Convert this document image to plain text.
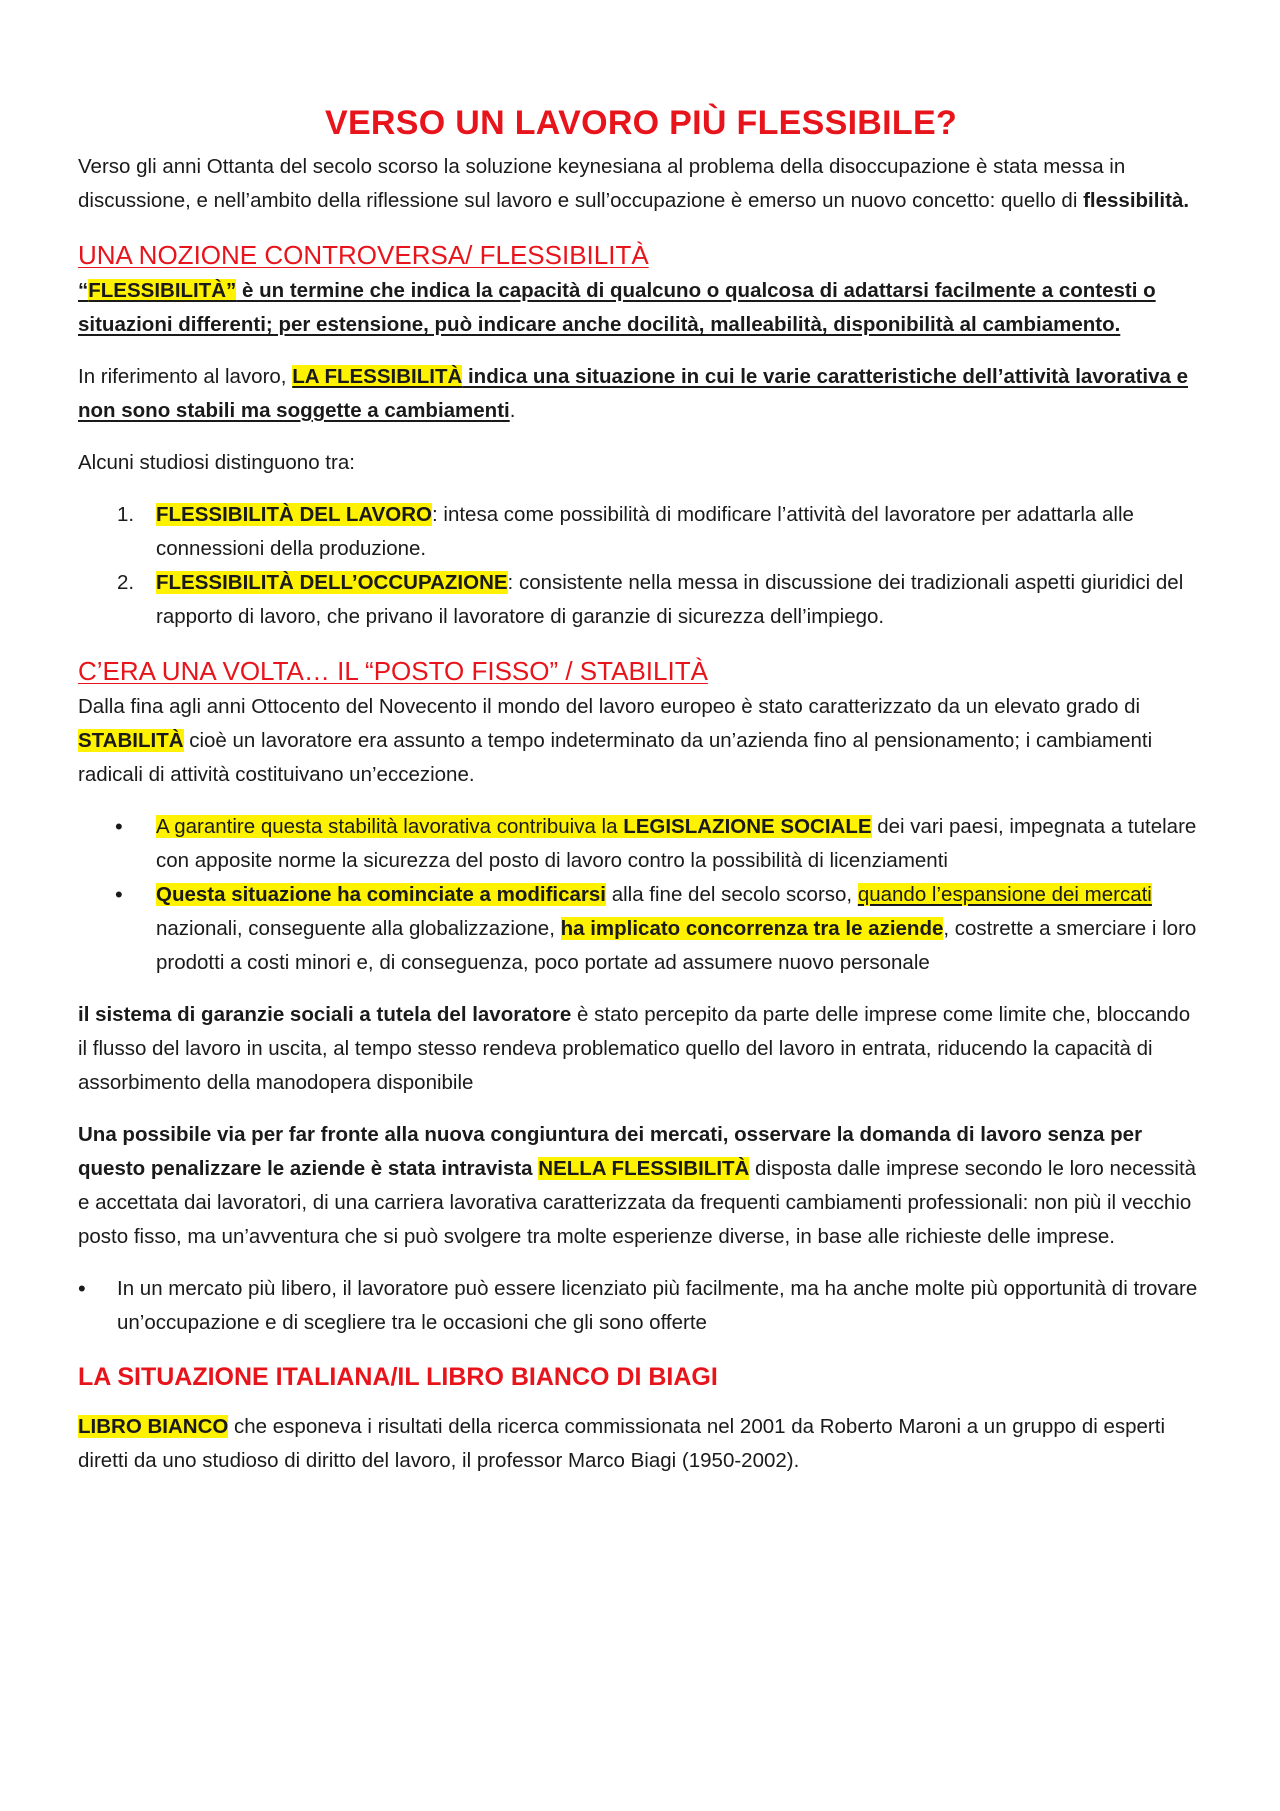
VERSO UN LAVORO PIÙ FLESSIBILE?

Verso gli anni Ottanta del secolo scorso la soluzione keynesiana al problema della disoccupazione è stata messa in discussione, e nell’ambito della riflessione sul lavoro e sull’occupazione è emerso un nuovo concetto: quello di flessibilità.

UNA NOZIONE CONTROVERSA/ FLESSIBILITÀ

“FLESSIBILITÀ” è un termine che indica la capacità di qualcuno o qualcosa di adattarsi facilmente a contesti o situazioni differenti; per estensione, può indicare anche docilità, malleabilità, disponibilità al cambiamento.

In riferimento al lavoro, LA FLESSIBILITÀ indica una situazione in cui le varie caratteristiche dell’attività lavorativa e non sono stabili ma soggette a cambiamenti.

Alcuni studiosi distinguono tra:

1. FLESSIBILITÀ DEL LAVORO: intesa come possibilità di modificare l’attività del lavoratore per adattarla alle connessioni della produzione.
2. FLESSIBILITÀ DELL’OCCUPAZIONE: consistente nella messa in discussione dei tradizionali aspetti giuridici del rapporto di lavoro, che privano il lavoratore di garanzie di sicurezza dell’impiego.
C’ERA UNA VOLTA… IL “POSTO FISSO” / STABILITÀ

Dalla fina agli anni Ottocento del Novecento il mondo del lavoro europeo è stato caratterizzato da un elevato grado di STABILITÀ cioè un lavoratore era assunto a tempo indeterminato da un’azienda fino al pensionamento; i cambiamenti radicali di attività costituivano un’eccezione.

• A garantire questa stabilità lavorativa contribuiva la LEGISLAZIONE SOCIALE dei vari paesi, impegnata a tutelare con apposite norme la sicurezza del posto di lavoro contro la possibilità di licenziamenti
• Questa situazione ha cominciate a modificarsi alla fine del secolo scorso, quando l’espansione dei mercati nazionali, conseguente alla globalizzazione, ha implicato concorrenza tra le aziende, costrette a smerciare i loro prodotti a costi minori e, di conseguenza, poco portate ad assumere nuovo personale

il sistema di garanzie sociali a tutela del lavoratore è stato percepito da parte delle imprese come limite che, bloccando il flusso del lavoro in uscita, al tempo stesso rendeva problematico quello del lavoro in entrata, riducendo la capacità di assorbimento della manodopera disponibile

Una possibile via per far fronte alla nuova congiuntura dei mercati, osservare la domanda di lavoro senza per questo penalizzare le aziende è stata intravista NELLA FLESSIBILITÀ disposta dalle imprese secondo le loro necessità e accettata dai lavoratori, di una carriera lavorativa caratterizzata da frequenti cambiamenti professionali: non più il vecchio posto fisso, ma un’avventura che si può svolgere tra molte esperienze diverse, in base alle richieste delle imprese.

• In un mercato più libero, il lavoratore può essere licenziato più facilmente, ma ha anche molte più opportunità di trovare un’occupazione e di scegliere tra le occasioni che gli sono offerte
LA SITUAZIONE ITALIANA/IL LIBRO BIANCO DI BIAGI

LIBRO BIANCO che esponeva i risultati della ricerca commissionata nel 2001 da Roberto Maroni a un gruppo di esperti diretti da uno studioso di diritto del lavoro, il professor Marco Biagi (1950-2002).
